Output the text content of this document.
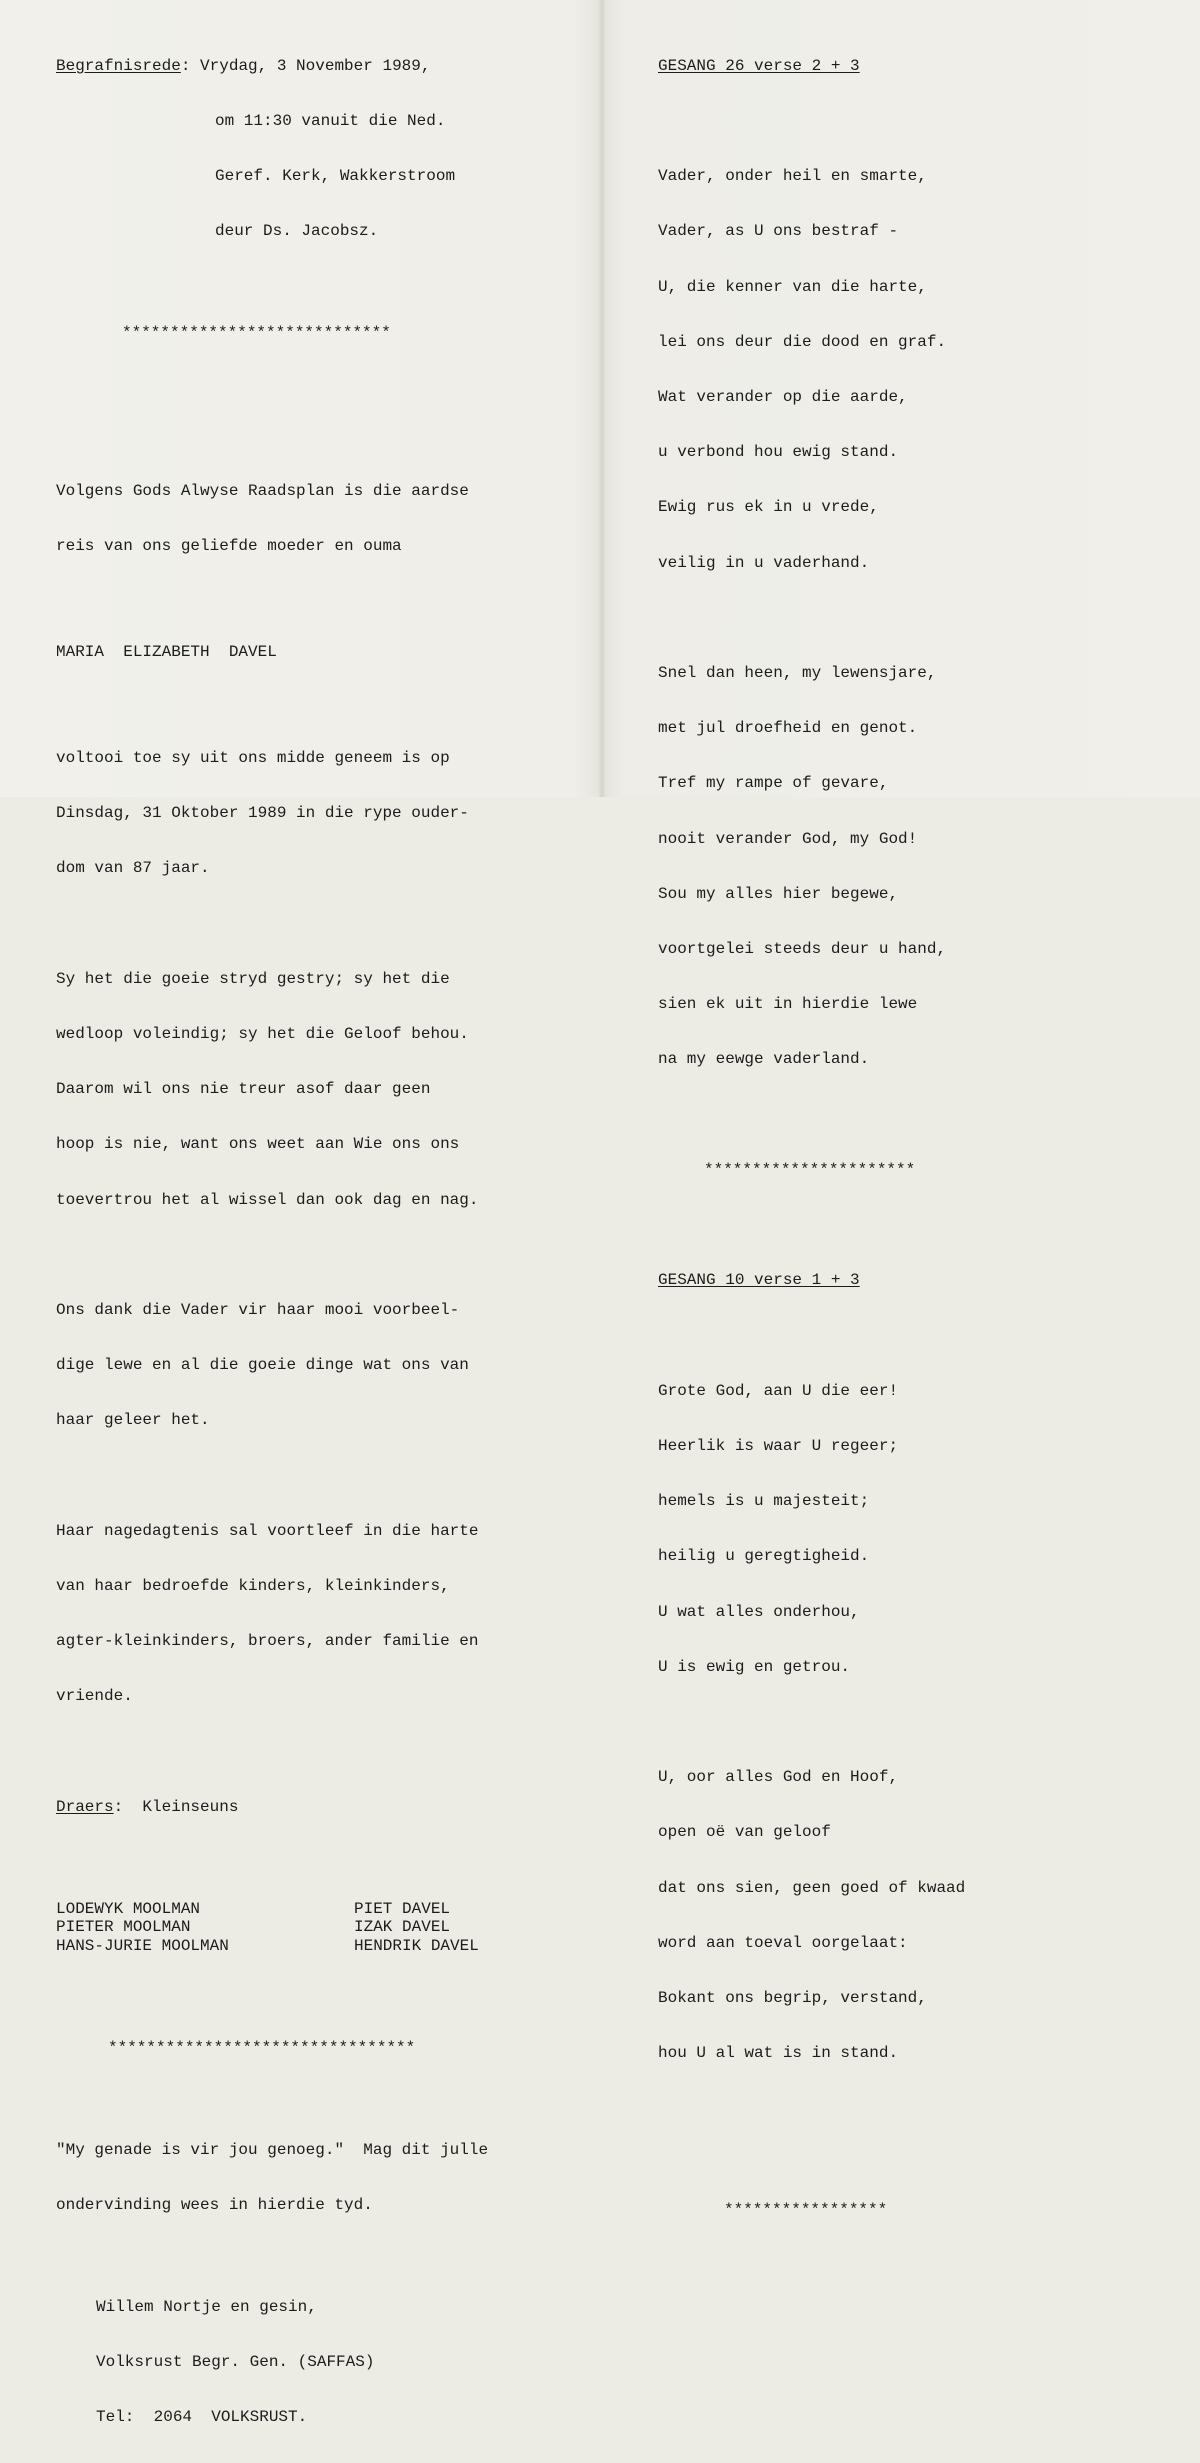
Begrafnisrede: Vrydag, 3 November 1989,

om 11:30 vanuit die Ned.

Geref. Kerk, Wakkerstroom

deur Ds. Jacobsz.

****************************

Volgens Gods Alwyse Raadsplan is die aardse

reis van ons geliefde moeder en ouma

MARIA  ELIZABETH  DAVEL

voltooi toe sy uit ons midde geneem is op

Dinsdag, 31 Oktober 1989 in die rype ouder-

dom van 87 jaar.

Sy het die goeie stryd gestry; sy het die

wedloop voleindig; sy het die Geloof behou.

Daarom wil ons nie treur asof daar geen

hoop is nie, want ons weet aan Wie ons ons

toevertrou het al wissel dan ook dag en nag.

Ons dank die Vader vir haar mooi voorbeel-

dige lewe en al die goeie dinge wat ons van

haar geleer het.

Haar nagedagtenis sal voortleef in die harte

van haar bedroefde kinders, kleinkinders,

agter-kleinkinders, broers, ander familie en

vriende.

Draers:  Kleinseuns

LODEWYK MOOLMAN	PIET DAVEL
PIETER MOOLMAN	IZAK DAVEL
HANS-JURIE MOOLMAN	HENDRIK DAVEL

********************************

"My genade is vir jou genoeg."  Mag dit julle

ondervinding wees in hierdie tyd.

Willem Nortje en gesin,

Volksrust Begr. Gen. (SAFFAS)

Tel:  2064  VOLKSRUST.

GESANG 26 verse 2 + 3

Vader, onder heil en smarte,

Vader, as U ons bestraf -

U, die kenner van die harte,

lei ons deur die dood en graf.

Wat verander op die aarde,

u verbond hou ewig stand.

Ewig rus ek in u vrede,

veilig in u vaderhand.

Snel dan heen, my lewensjare,

met jul droefheid en genot.

Tref my rampe of gevare,

nooit verander God, my God!

Sou my alles hier begewe,

voortgelei steeds deur u hand,

sien ek uit in hierdie lewe

na my eewge vaderland.

**********************

GESANG 10 verse 1 + 3

Grote God, aan U die eer!

Heerlik is waar U regeer;

hemels is u majesteit;

heilig u geregtigheid.

U wat alles onderhou,

U is ewig en getrou.

U, oor alles God en Hoof,

open oë van geloof

dat ons sien, geen goed of kwaad

word aan toeval oorgelaat:

Bokant ons begrip, verstand,

hou U al wat is in stand.

*****************
